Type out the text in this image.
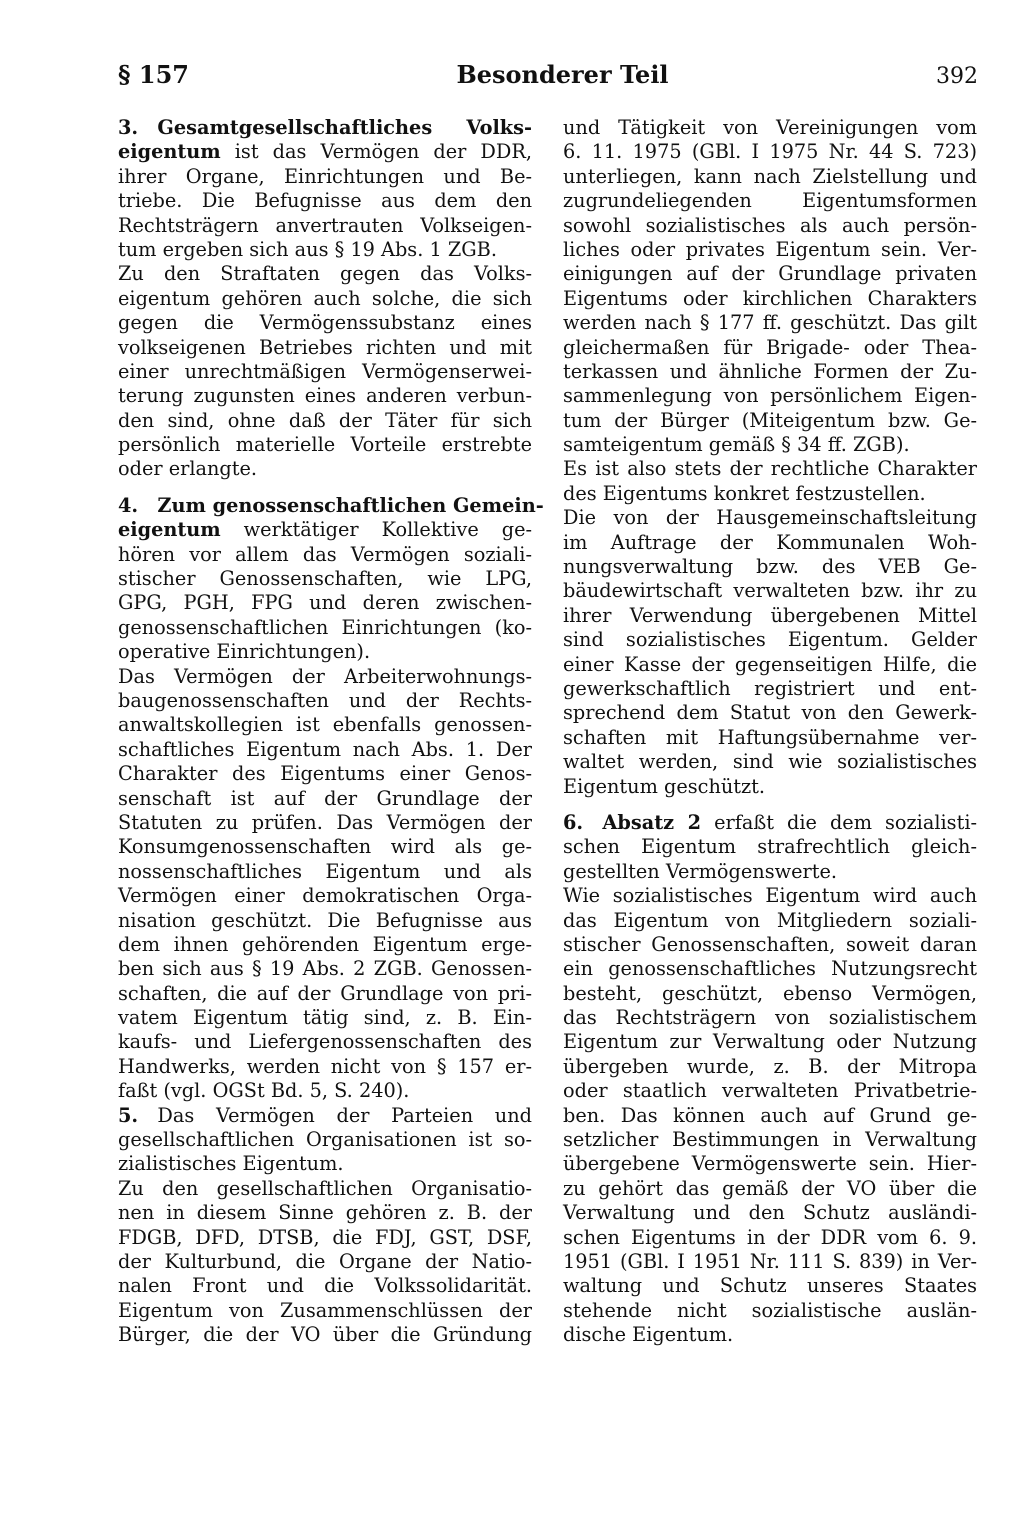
§ 157	Besonderer Teil	392
3. Gesamtgesellschaftliches Volks-
eigentum ist das Vermögen der DDR,
ihrer Organe, Einrichtungen und Be-
triebe. Die Befugnisse aus dem den
Rechtsträgern anvertrauten Volkseigen-
tum ergeben sich aus § 19 Abs. 1 ZGB.
Zu den Straftaten gegen das Volks-
eigentum gehören auch solche, die sich
gegen die Vermögenssubstanz eines
volkseigenen Betriebes richten und mit
einer unrechtmäßigen Vermögenserwei-
terung zugunsten eines anderen verbun-
den sind, ohne daß der Täter für sich
persönlich materielle Vorteile erstrebte
oder erlangte.
4. Zum genossenschaftlichen Gemein-
eigentum werktätiger Kollektive ge-
hören vor allem das Vermögen soziali-
stischer Genossenschaften, wie LPG,
GPG, PGH, FPG und deren zwischen-
genossenschaftlichen Einrichtungen (ko-
operative Einrichtungen).
Das Vermögen der Arbeiterwohnungs-
baugenossenschaften und der Rechts-
anwaltskollegien ist ebenfalls genossen-
schaftliches Eigentum nach Abs. 1. Der
Charakter des Eigentums einer Genos-
senschaft ist auf der Grundlage der
Statuten zu prüfen. Das Vermögen der
Konsumgenossenschaften wird als ge-
nossenschaftliches Eigentum und als
Vermögen einer demokratischen Orga-
nisation geschützt. Die Befugnisse aus
dem ihnen gehörenden Eigentum erge-
ben sich aus § 19 Abs. 2 ZGB. Genossen-
schaften, die auf der Grundlage von pri-
vatem Eigentum tätig sind, z. B. Ein-
kaufs- und Liefergenossenschaften des
Handwerks, werden nicht von § 157 er-
faßt (vgl. OGSt Bd. 5, S. 240).
5. Das Vermögen der Parteien und
gesellschaftlichen Organisationen ist so-
zialistisches Eigentum.
Zu den gesellschaftlichen Organisatio-
nen in diesem Sinne gehören z. B. der
FDGB, DFD, DTSB, die FDJ, GST, DSF,
der Kulturbund, die Organe der Natio-
nalen Front und die Volkssolidarität.
Eigentum von Zusammenschlüssen der
Bürger, die der VO über die Gründung
und Tätigkeit von Vereinigungen vom
6. 11. 1975 (GBl. I 1975 Nr. 44 S. 723)
unterliegen, kann nach Zielstellung und
zugrundeliegenden Eigentumsformen
sowohl sozialistisches als auch persön-
liches oder privates Eigentum sein. Ver-
einigungen auf der Grundlage privaten
Eigentums oder kirchlichen Charakters
werden nach § 177 ff. geschützt. Das gilt
gleichermaßen für Brigade- oder Thea-
terkassen und ähnliche Formen der Zu-
sammenlegung von persönlichem Eigen-
tum der Bürger (Miteigentum bzw. Ge-
samteigentum gemäß § 34 ff. ZGB).
Es ist also stets der rechtliche Charakter
des Eigentums konkret festzustellen.
Die von der Hausgemeinschaftsleitung
im Auftrage der Kommunalen Woh-
nungsverwaltung bzw. des VEB Ge-
bäudewirtschaft verwalteten bzw. ihr zu
ihrer Verwendung übergebenen Mittel
sind sozialistisches Eigentum. Gelder
einer Kasse der gegenseitigen Hilfe, die
gewerkschaftlich registriert und ent-
sprechend dem Statut von den Gewerk-
schaften mit Haftungsübernahme ver-
waltet werden, sind wie sozialistisches
Eigentum geschützt.
6. Absatz 2 erfaßt die dem sozialisti-
schen Eigentum strafrechtlich gleich-
gestellten Vermögenswerte.
Wie sozialistisches Eigentum wird auch
das Eigentum von Mitgliedern soziali-
stischer Genossenschaften, soweit daran
ein genossenschaftliches Nutzungsrecht
besteht, geschützt, ebenso Vermögen,
das Rechtsträgern von sozialistischem
Eigentum zur Verwaltung oder Nutzung
übergeben wurde, z. B. der Mitropa
oder staatlich verwalteten Privatbetrie-
ben. Das können auch auf Grund ge-
setzlicher Bestimmungen in Verwaltung
übergebene Vermögenswerte sein. Hier-
zu gehört das gemäß der VO über die
Verwaltung und den Schutz ausländi-
schen Eigentums in der DDR vom 6. 9.
1951 (GBl. I 1951 Nr. 111 S. 839) in Ver-
waltung und Schutz unseres Staates
stehende nicht sozialistische auslän-
dische Eigentum.
